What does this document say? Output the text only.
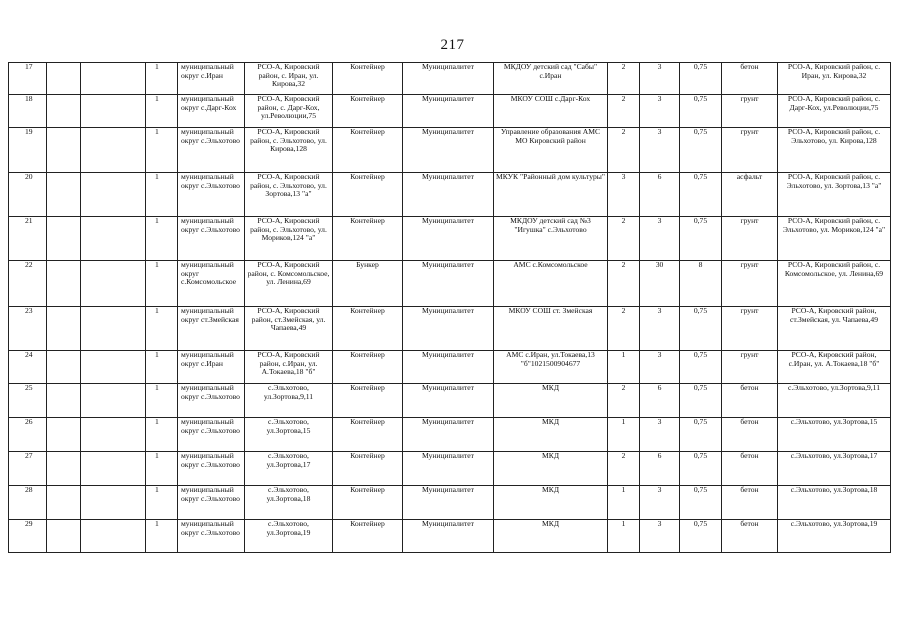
217
17			1	муниципальный округ с.Ирaн	РСО-А, Кировский район, с. Ирaн, ул. Кирова,32	Контейнер	Муниципалитет	МКДОУ детский сад "Сабы" с.Ирaн	2	3	0,75	бетон	РСО-А, Кировский район, с. Ирaн, ул. Кирова,32
18			1	муниципальный округ с.Дарг-Кох	РСО-А, Кировский район, с. Дарг-Кох, ул.Революции,75	Контейнер	Муниципалитет	МКОУ СОШ с.Дарг-Кох	2	3	0,75	грунт	РСО-А, Кировский район, с. Дарг-Кох, ул.Революции,75
19			1	муниципальный округ с.Эльхотово	РСО-А, Кировский район, с. Эльхотово, ул. Кирова,128	Контейнер	Муниципалитет	Управление образования АМС МО Кировский район	2	3	0,75	грунт	РСО-А, Кировский район, с. Эльхотово, ул. Кирова,128
20			1	муниципальный округ с.Эльхотово	РСО-А, Кировский район, с. Эльхотово, ул. Зортова,13 "а"	Контейнер	Муниципалитет	МКУК "Районный дом культуры"	3	6	0,75	асфальт	РСО-А, Кировский район, с. Эльхотово, ул. Зортова,13 "а"
21			1	муниципальный округ с.Эльхотово	РСО-А, Кировский район, с. Эльхотово, ул. Мориков,124 "а"	Контейнер	Муниципалитет	МКДОУ детский сад №3 "Игушка" с.Эльхотово	2	3	0,75	грунт	РСО-А, Кировский район, с. Эльхотово, ул. Мориков,124 "а"
22			1	муниципальный округ с.Комсомольское	РСО-А, Кировский район, с. Комсомольское, ул. Ленина,69	Бункер	Муниципалитет	АМС с.Комсомольское	2	30	8	грунт	РСО-А, Кировский район, с. Комсомольское, ул. Ленина,69
23			1	муниципальный округ ст.Змейская	РСО-А, Кировский район, ст.Змейская, ул. Чапаева,49	Контейнер	Муниципалитет	МКОУ СОШ ст. Змейская	2	3	0,75	грунт	РСО-А, Кировский район, ст.Змейская, ул. Чапаева,49
24			1	муниципальный округ с.Ирaн	РСО-А, Кировский район, с.Ирaн, ул. А.Токаева,18 "б"	Контейнер	Муниципалитет	АМС с.Ирaн, ул.Токаева,13 "б"1021500904677	1	3	0,75	грунт	РСО-А, Кировский район, с.Ирaн, ул. А.Токаева,18 "б"
25			1	муниципальный округ с.Эльхотово	с.Эльхотово, ул.Зортова,9,11	Контейнер	Муниципалитет	МКД	2	6	0,75	бетон	с.Эльхотово, ул.Зортова,9,11
26			1	муниципальный округ с.Эльхотово	с.Эльхотово, ул.Зортова,15	Контейнер	Муниципалитет	МКД	1	3	0,75	бетон	с.Эльхотово, ул.Зортова,15
27			1	муниципальный округ с.Эльхотово	с.Эльхотово, ул.Зортова,17	Контейнер	Муниципалитет	МКД	2	6	0,75	бетон	с.Эльхотово, ул.Зортова,17
28			1	муниципальный округ с.Эльхотово	с.Эльхотово, ул.Зортова,18	Контейнер	Муниципалитет	МКД	1	3	0,75	бетон	с.Эльхотово, ул.Зортова,18
29			1	муниципальный округ с.Эльхотово	с.Эльхотово, ул.Зортова,19	Контейнер	Муниципалитет	МКД	1	3	0,75	бетон	с.Эльхотово, ул.Зортова,19
